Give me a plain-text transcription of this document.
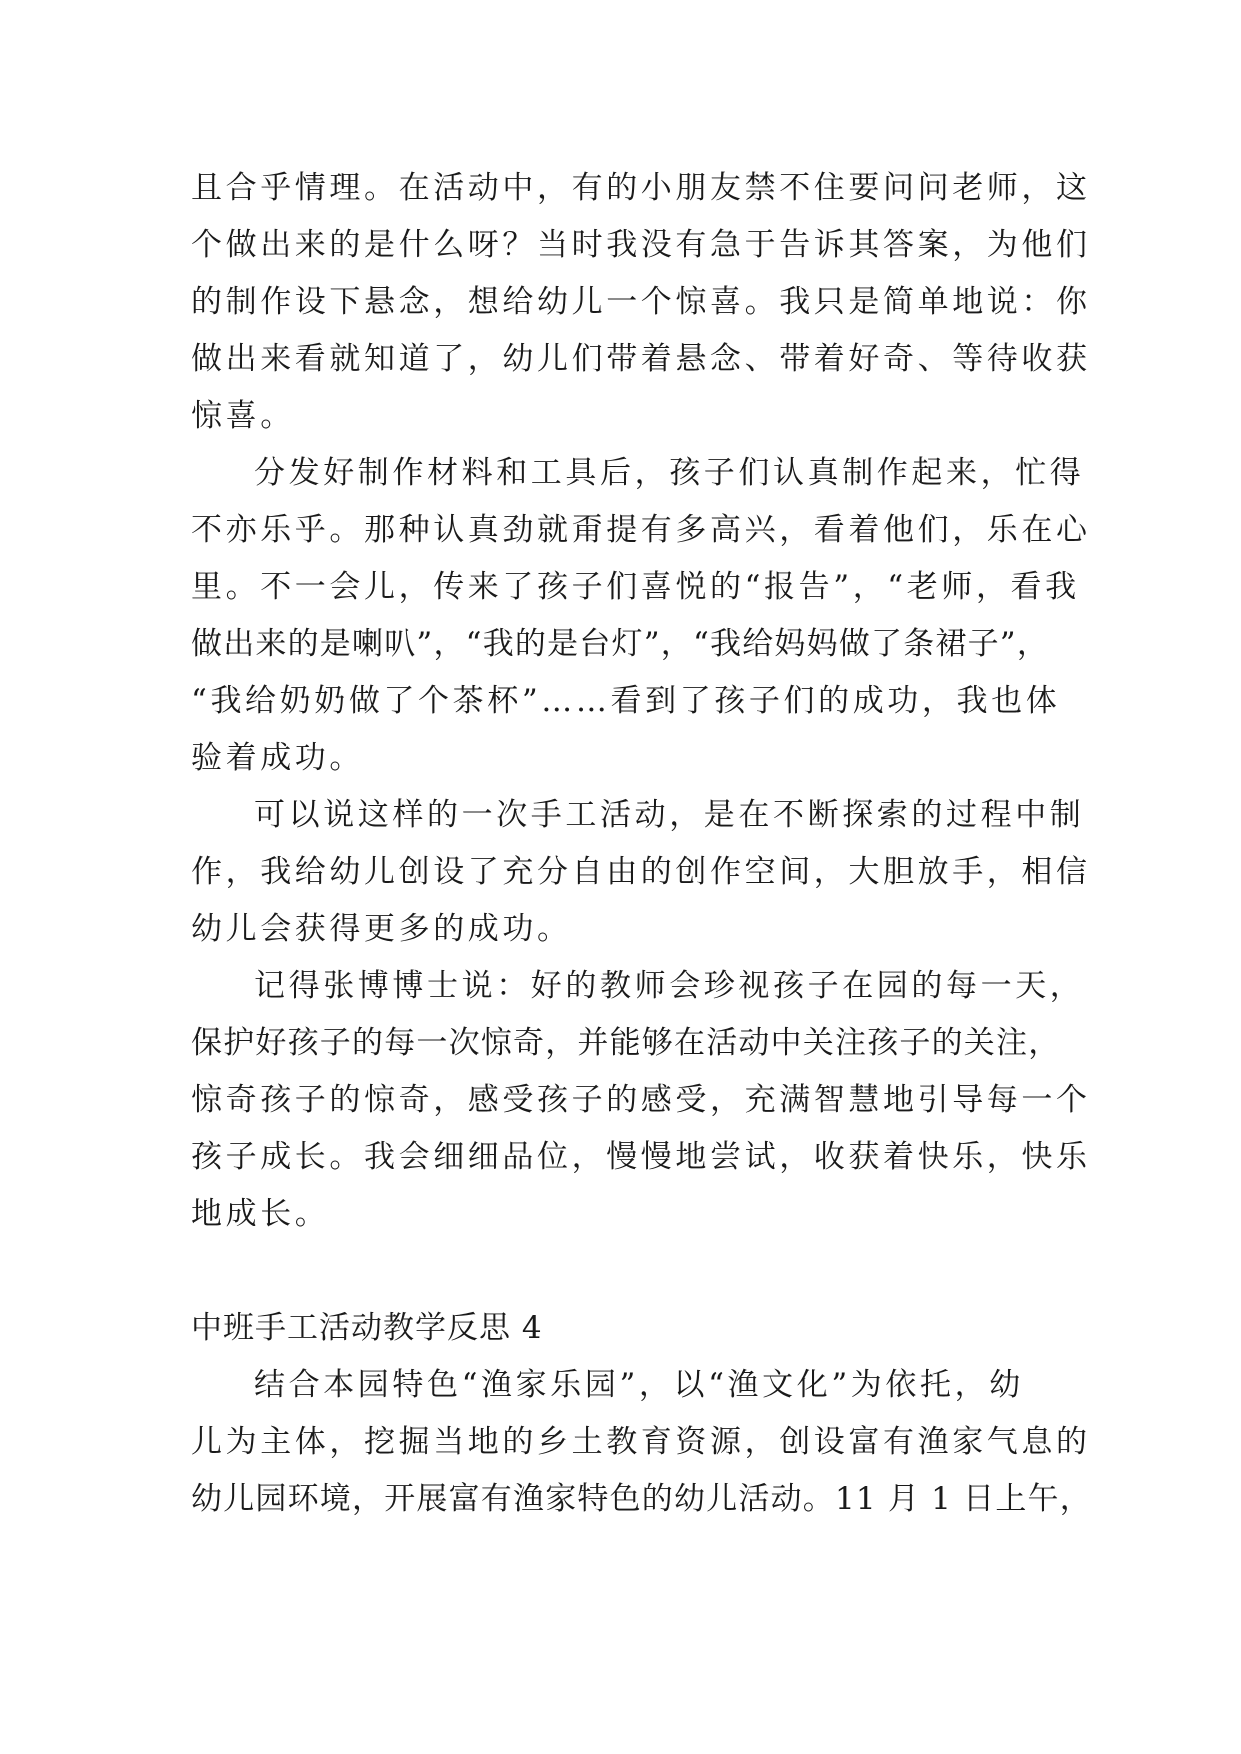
且合乎情理。在活动中，有的小朋友禁不住要问问老师，这
个做出来的是什么呀？当时我没有急于告诉其答案，为他们
的制作设下悬念，想给幼儿一个惊喜。我只是简单地说：你
做出来看就知道了，幼儿们带着悬念、带着好奇、等待收获
惊喜。
分发好制作材料和工具后，孩子们认真制作起来，忙得
不亦乐乎。那种认真劲就甭提有多高兴，看着他们，乐在心
里。不一会儿，传来了孩子们喜悦的“报告”，“老师，看我
做出来的是喇叭”，“我的是台灯”，“我给妈妈做了条裙子”，
“我给奶奶做了个茶杯”……看到了孩子们的成功，我也体
验着成功。
可以说这样的一次手工活动，是在不断探索的过程中制
作，我给幼儿创设了充分自由的创作空间，大胆放手，相信
幼儿会获得更多的成功。
记得张博博士说：好的教师会珍视孩子在园的每一天，
保护好孩子的每一次惊奇，并能够在活动中关注孩子的关注，
惊奇孩子的惊奇，感受孩子的感受，充满智慧地引导每一个
孩子成长。我会细细品位，慢慢地尝试，收获着快乐，快乐
地成长。
中班手工活动教学反思 4
结合本园特色“渔家乐园”，以“渔文化”为依托，幼
儿为主体，挖掘当地的乡土教育资源，创设富有渔家气息的
幼儿园环境，开展富有渔家特色的幼儿活动。11 月 1 日上午，
